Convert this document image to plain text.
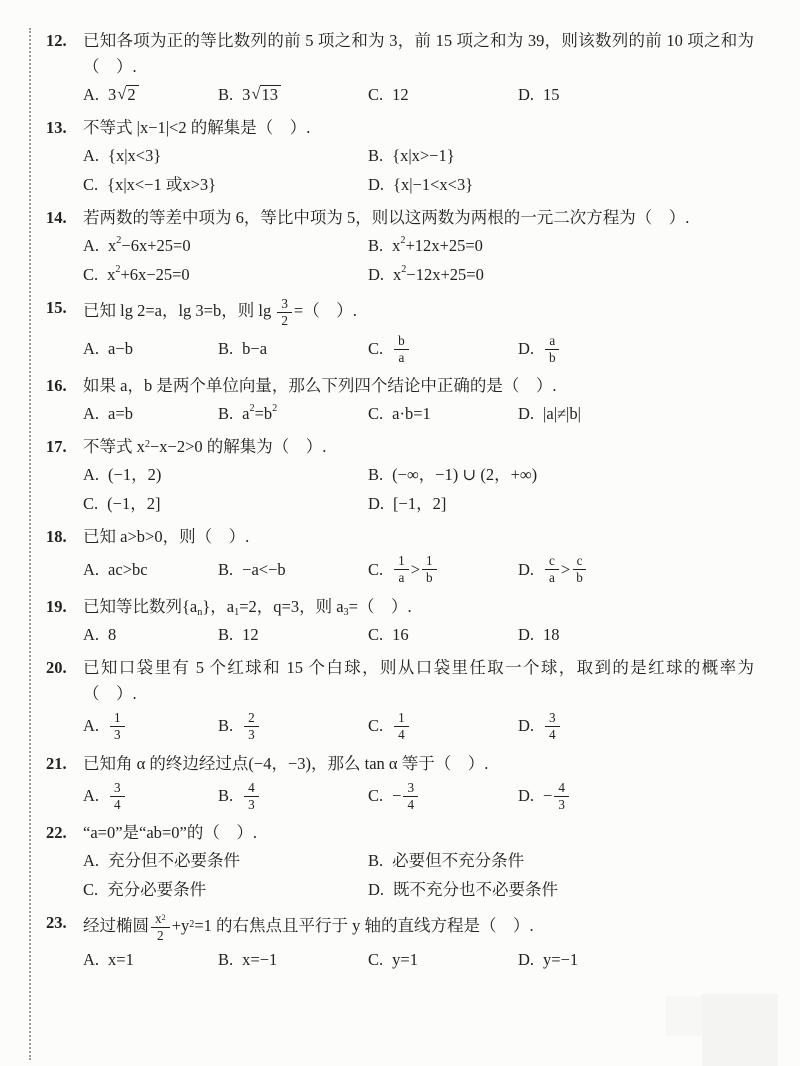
12. 已知各项为正的等比数列的前 5 项之和为 3，前 15 项之和为 39，则该数列的前 10 项之和为（    ）.
A. 3 √ 2	B. 3 √ 13	C. 12	D. 15
13. 不等式 |x−1|<2 的解集是（    ）.
A. { x | x <3}	B. { x | x >−1}
C. { x | x <−1 或 x >3}	D. { x |−1< x <3}
14. 若两数的等差中项为 6，等比中项为 5，则以这两数为两根的一元二次方程为（    ）.
A. x 2 −6 x +25=0	B. x 2 +12 x +25=0
C. x 2 +6 x −25=0	D. x 2 −12 x +25=0
15. 已知 lg 2=a，lg 3=b，则 $\lg \frac{3}{2}$ =（    ）.
A. a − b	B. b − a	C. $\frac{b}{a}$	D. $\frac{a}{b}$
16. 如果 a，b 是两个单位向量，那么下列四个结论中正确的是（    ）.
A. a = b	B. a 2 = b 2	C. a · b =1	D. | a |≠| b |
17. 不等式 $x^2-x-2>0$ 的解集为（    ）.
A. (−1，2)	B. (−∞，−1) ∪ (2，+∞)
C. (−1，2]	D. [−1，2]
18. 已知 a>b>0，则（    ）.
A. ac > bc	B. − a <− b	C. $\frac{1}{a} > \frac{1}{b}$	D. $\frac{c}{a} > \frac{c}{b}$
19. 已知等比数列{an}，a1=2，q=3，则 a3=（    ）.
A. 8	B. 12	C. 16	D. 18
20. 已知口袋里有 5 个红球和 15 个白球，则从口袋里任取一个球，取到的是红球的概率为（    ）.
A. $\frac{1}{3}$	B. $\frac{2}{3}$	C. $\frac{1}{4}$	D. $\frac{3}{4}$
21. 已知角 α 的终边经过点(−4，−3)，那么 tan α 等于（    ）.
A. $\frac{3}{4}$	B. $\frac{4}{3}$	C. − $\frac{3}{4}$	D. − $\frac{4}{3}$
22. “a=0”是“ab=0”的（    ）.
A. 充分但不必要条件	B. 必要但不充分条件
C. 充分必要条件	D. 既不充分也不必要条件
23. 经过椭圆 $\frac{x^2}{2} +y^2=1$ 的右焦点且平行于 y 轴的直线方程是（    ）.
A. x =1	B. x =−1	C. y =1	D. y =−1
